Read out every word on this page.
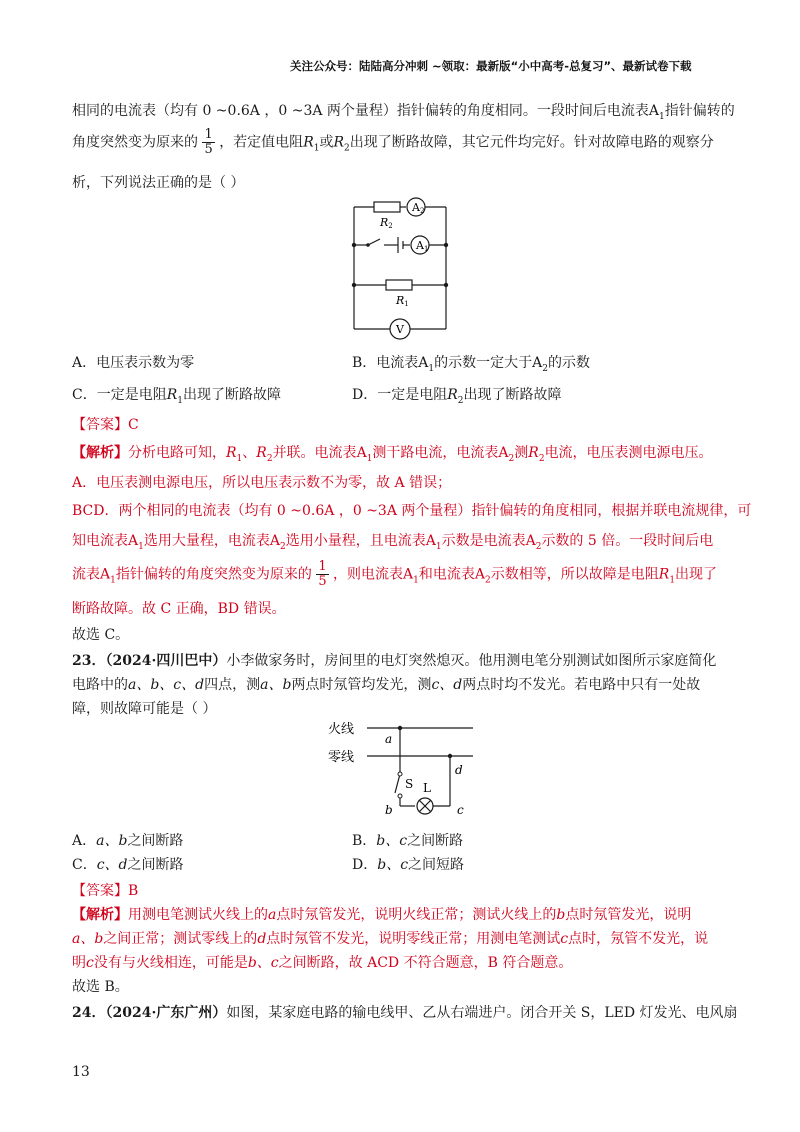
关注公众号：陆陆高分冲刺 ~领取：最新版“小中高考-总复习”、最新试卷下载
相同的电流表（均有 0 ~0.6A ，0 ~3A 两个量程）指针偏转的角度相同。一段时间后电流表$A_1$指针偏转的
角度突然变为原来的 $\frac{1}{5}$ ，若定值电阻$R_1$或$R_2$出现了断路故障，其它元件均完好。针对故障电路的观察分
析，下列说法正确的是（ ）
A2
A1
V
R2
R1
A．电压表示数为零	B．电流表$A_1$的示数一定大于$A_2$的示数
C．一定是电阻$R_1$出现了断路故障	D．一定是电阻$R_2$出现了断路故障
【答案】C
【解析】分析电路可知，$R_1$、$R_2$并联。电流表$A_1$测干路电流，电流表$A_2$测$R_2$电流，电压表测电源电压。
A．电压表测电源电压，所以电压表示数不为零，故 A 错误；
BCD．两个相同的电流表（均有 0 ~0.6A ，0 ~3A 两个量程）指针偏转的角度相同，根据并联电流规律，可
知电流表$A_1$选用大量程，电流表$A_2$选用小量程，且电流表$A_1$示数是电流表$A_2$示数的 5 倍。一段时间后电
流表$A_1$指针偏转的角度突然变为原来的 $\frac{1}{5}$ ，则电流表$A_1$和电流表$A_2$示数相等，所以故障是电阻$R_1$出现了
断路故障。故 C 正确，BD 错误。
故选 C。
23．（2024·四川巴中）小李做家务时，房间里的电灯突然熄灭。他用测电笔分别测试如图所示家庭简化
电路中的a、b、c、d四点，测a、b两点时氖管均发光，测c、d两点时均不发光。若电路中只有一处故
障，则故障可能是（ ）
火线
零线
a
b	c
d
S L
A．a、b之间断路	B．b、c之间断路
C．c、d之间断路	D．b、c之间短路
【答案】B
【解析】用测电笔测试火线上的a点时氖管发光，说明火线正常；测试火线上的b点时氖管发光，说明
a、b之间正常；测试零线上的d点时氖管不发光，说明零线正常；用测电笔测试c点时，氖管不发光，说
明c没有与火线相连，可能是b、c之间断路，故 ACD 不符合题意，B 符合题意。
故选 B。
24．（2024·广东广州）如图，某家庭电路的输电线甲、乙从右端进户。闭合开关 S，LED 灯发光、电风扇
13
